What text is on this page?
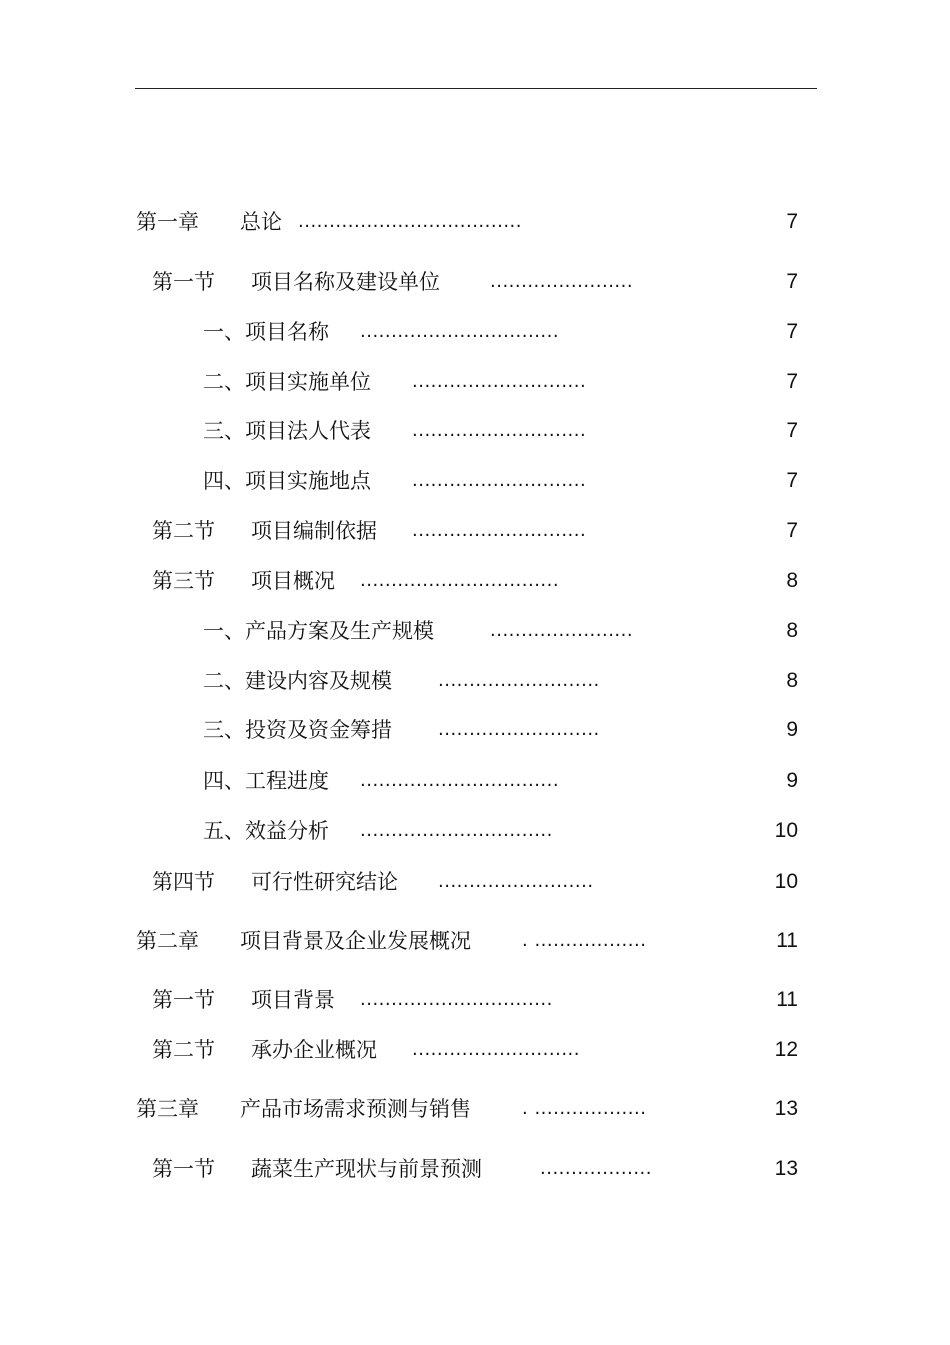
第一章 总论 ....................................	7
第一节 项目名称及建设单位	.......................	7
一、项目名称 ................................	7
二、项目实施单位 ............................	7
三、项目法人代表 ............................	7
四、项目实施地点 ............................	7
第二节 项目编制依据 ............................	7
第三节 项目概况 ................................	8
一、产品方案及生产规模	.......................	8
二、建设内容及规模	..........................	8
三、投资及资金筹措	..........................	9
四、工程进度 ................................	9
五、效益分析 ...............................	10
第四节 可行性研究结论 .........................	10
第二章 项目背景及企业发展概况	. ..................	11
第一节 项目背景 ...............................	11
第二节 承办企业概况 ...........................	12
第三章 产品市场需求预测与销售	. ..................	13
第一节 蔬菜生产现状与前景预测	..................	13
